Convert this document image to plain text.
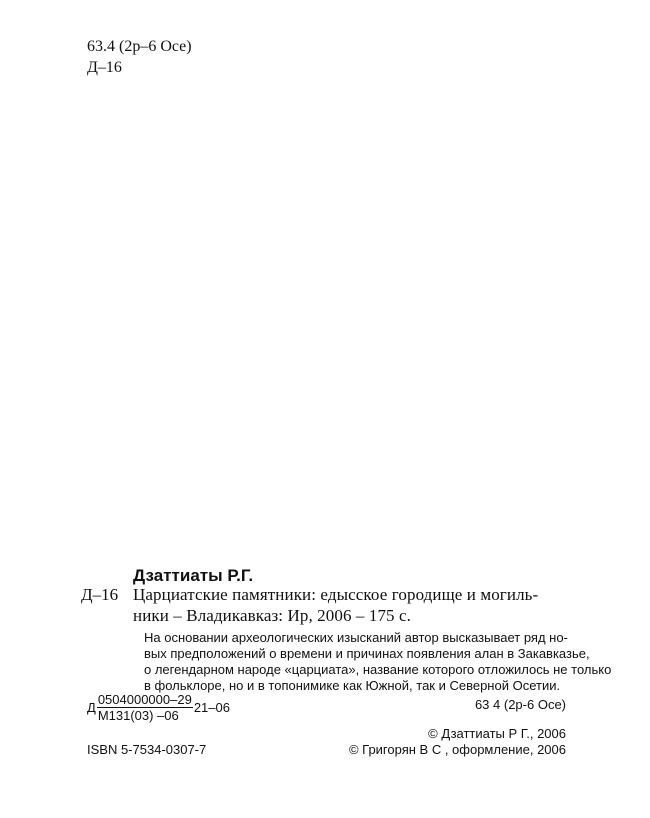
63.4 (2р–6 Осе)
Д–16
Дзаттиаты Р.Г.
Д–16 Царциатские памятники: едысское городище и могиль-
ники – Владикавказ: Ир, 2006 – 175 с.
На основании археологических изысканий автор высказывает ряд но-
вых предположений о времени и причинах появления алан в Закавказье,
о легендарном народе «царциата», название которого отложилось не только
в фольклоре, но и в топонимике как Южной, так и Северной Осетии.
Д $\frac{0504000000-29}{М131(03) -06} 21-06$	63 4 (2р-6 Осе)
© Дзаттиаты Р Г., 2006
© Григорян В С , оформление, 2006
ISBN 5-7534-0307-7
